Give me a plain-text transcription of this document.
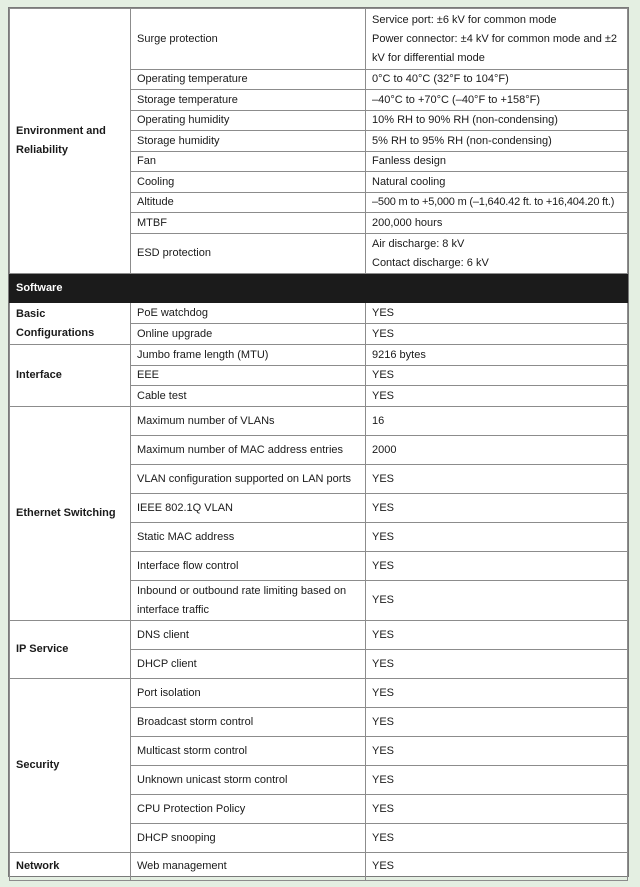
Environment and Reliability	Surge protection	Service port: ±6 kV for common mode
Power connector: ±4 kV for common mode and ±2
kV for differential mode

	Operating temperature	0°C to 40°C (32°F to 104°F)
	Storage temperature	–40°C to +70°C (–40°F to +158°F)
	Operating humidity	10% RH to 90% RH (non-condensing)
	Storage humidity	5% RH to 95% RH (non-condensing)
	Fan	Fanless design
	Cooling	Natural cooling
	Altitude	–500 m to +5,000 m (–1,640.42 ft. to +16,404.20 ft.)
	MTBF	200,000 hours
	ESD protection	Air discharge: 8 kV
Contact discharge: 6 kV

Software		
Basic Configurations	PoE watchdog	YES
	Online upgrade	YES
Interface	Jumbo frame length (MTU)	9216 bytes
	EEE	YES
	Cable test	YES
Ethernet Switching	Maximum number of VLANs	16
	Maximum number of MAC address entries	2000
	VLAN configuration supported on LAN ports	YES
	IEEE 802.1Q VLAN	YES
	Static MAC address	YES
	Interface flow control	YES

	Inbound or outbound rate limiting based on
interface traffic	YES
IP Service	DNS client	YES
	DHCP client	YES
Security	Port isolation	YES
	Broadcast storm control	YES
	Multicast storm control	YES
	Unknown unicast storm control	YES
	CPU Protection Policy	YES
	DHCP snooping	YES
Network	Web management	YES
